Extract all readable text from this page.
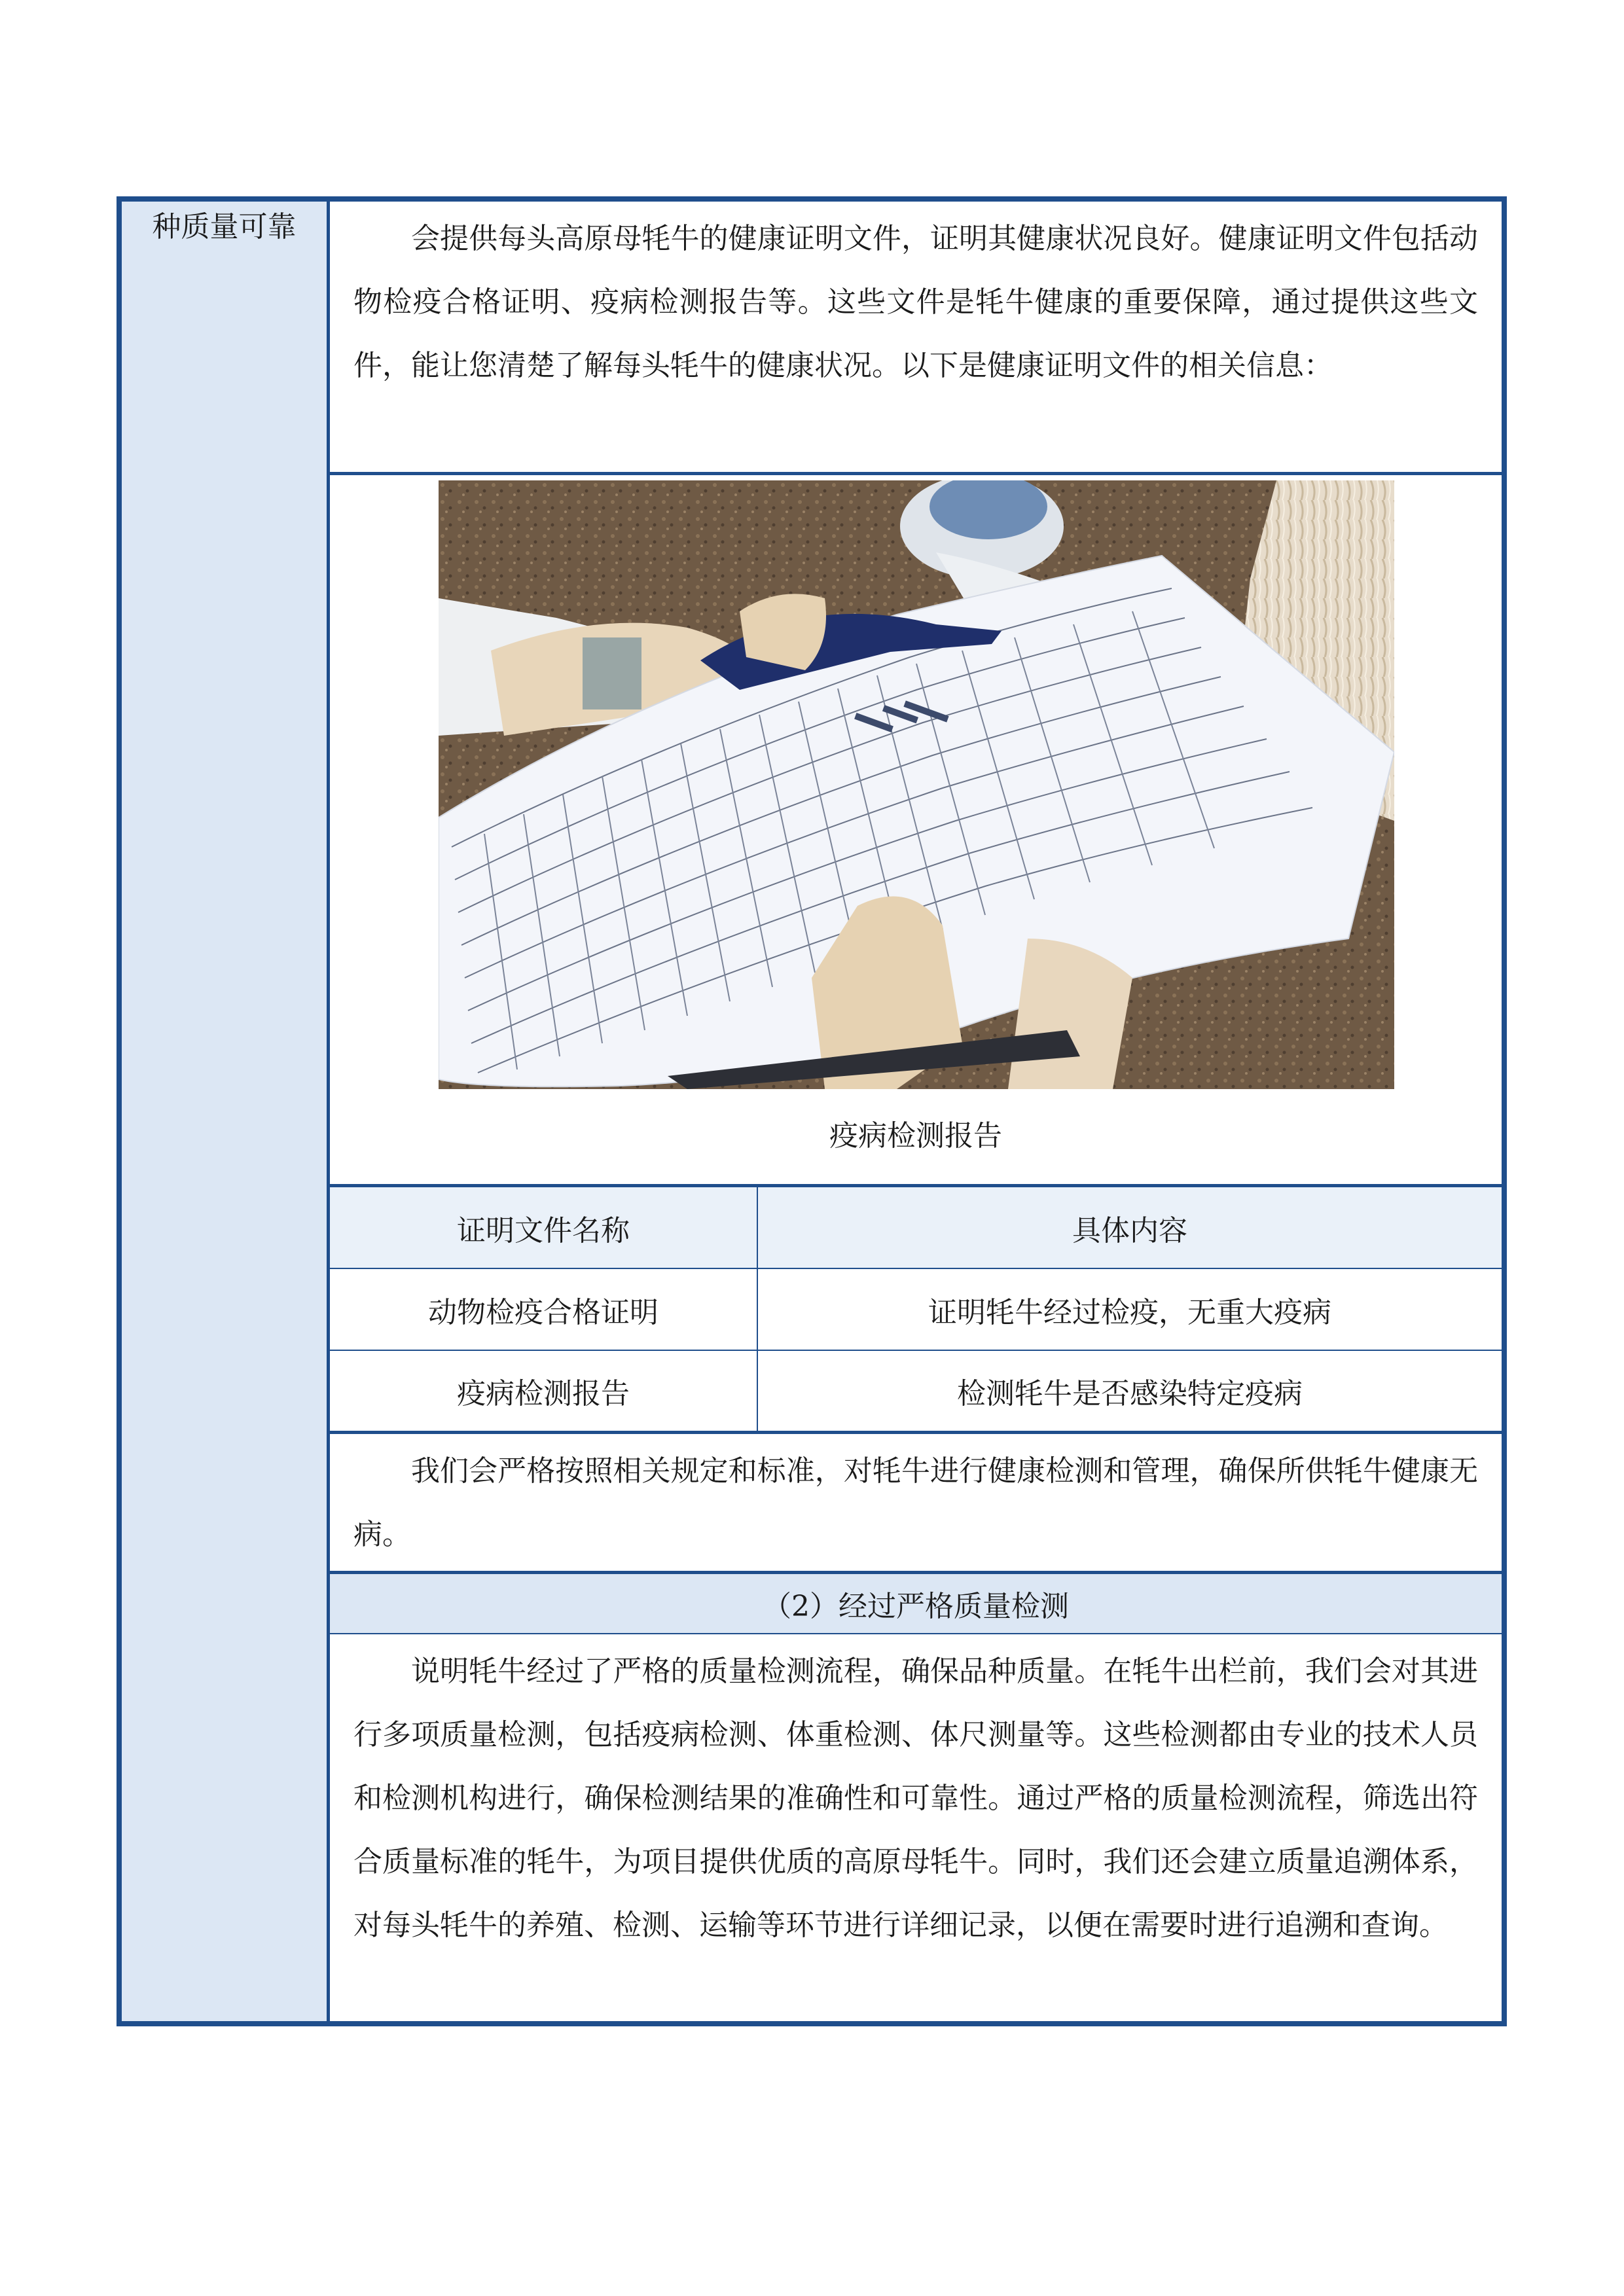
种质量可靠	会提供每头高原母牦牛的健康证明文件，证明其健康状况良好。健康证明文件包括动物检疫合格证明、疫病检测报告等。这些文件是牦牛健康的重要保障，通过提供这些文件，能让您清楚了解每头牦牛的健康状况。以下是健康证明文件的相关信息：

疫病检测报告
证明文件名称	具体内容
动物检疫合格证明	证明牦牛经过检疫，无重大疫病
疫病检测报告	检测牦牛是否感染特定疫病

我们会严格按照相关规定和标准，对牦牛进行健康检测和管理，确保所供牦牛健康无病。

（2）经过严格质量检测

说明牦牛经过了严格的质量检测流程，确保品种质量。在牦牛出栏前，我们会对其进行多项质量检测，包括疫病检测、体重检测、体尺测量等。这些检测都由专业的技术人员和检测机构进行，确保检测结果的准确性和可靠性。通过严格的质量检测流程，筛选出符合质量标准的牦牛，为项目提供优质的高原母牦牛。同时，我们还会建立质量追溯体系，对每头牦牛的养殖、检测、运输等环节进行详细记录，以便在需要时进行追溯和查询。
